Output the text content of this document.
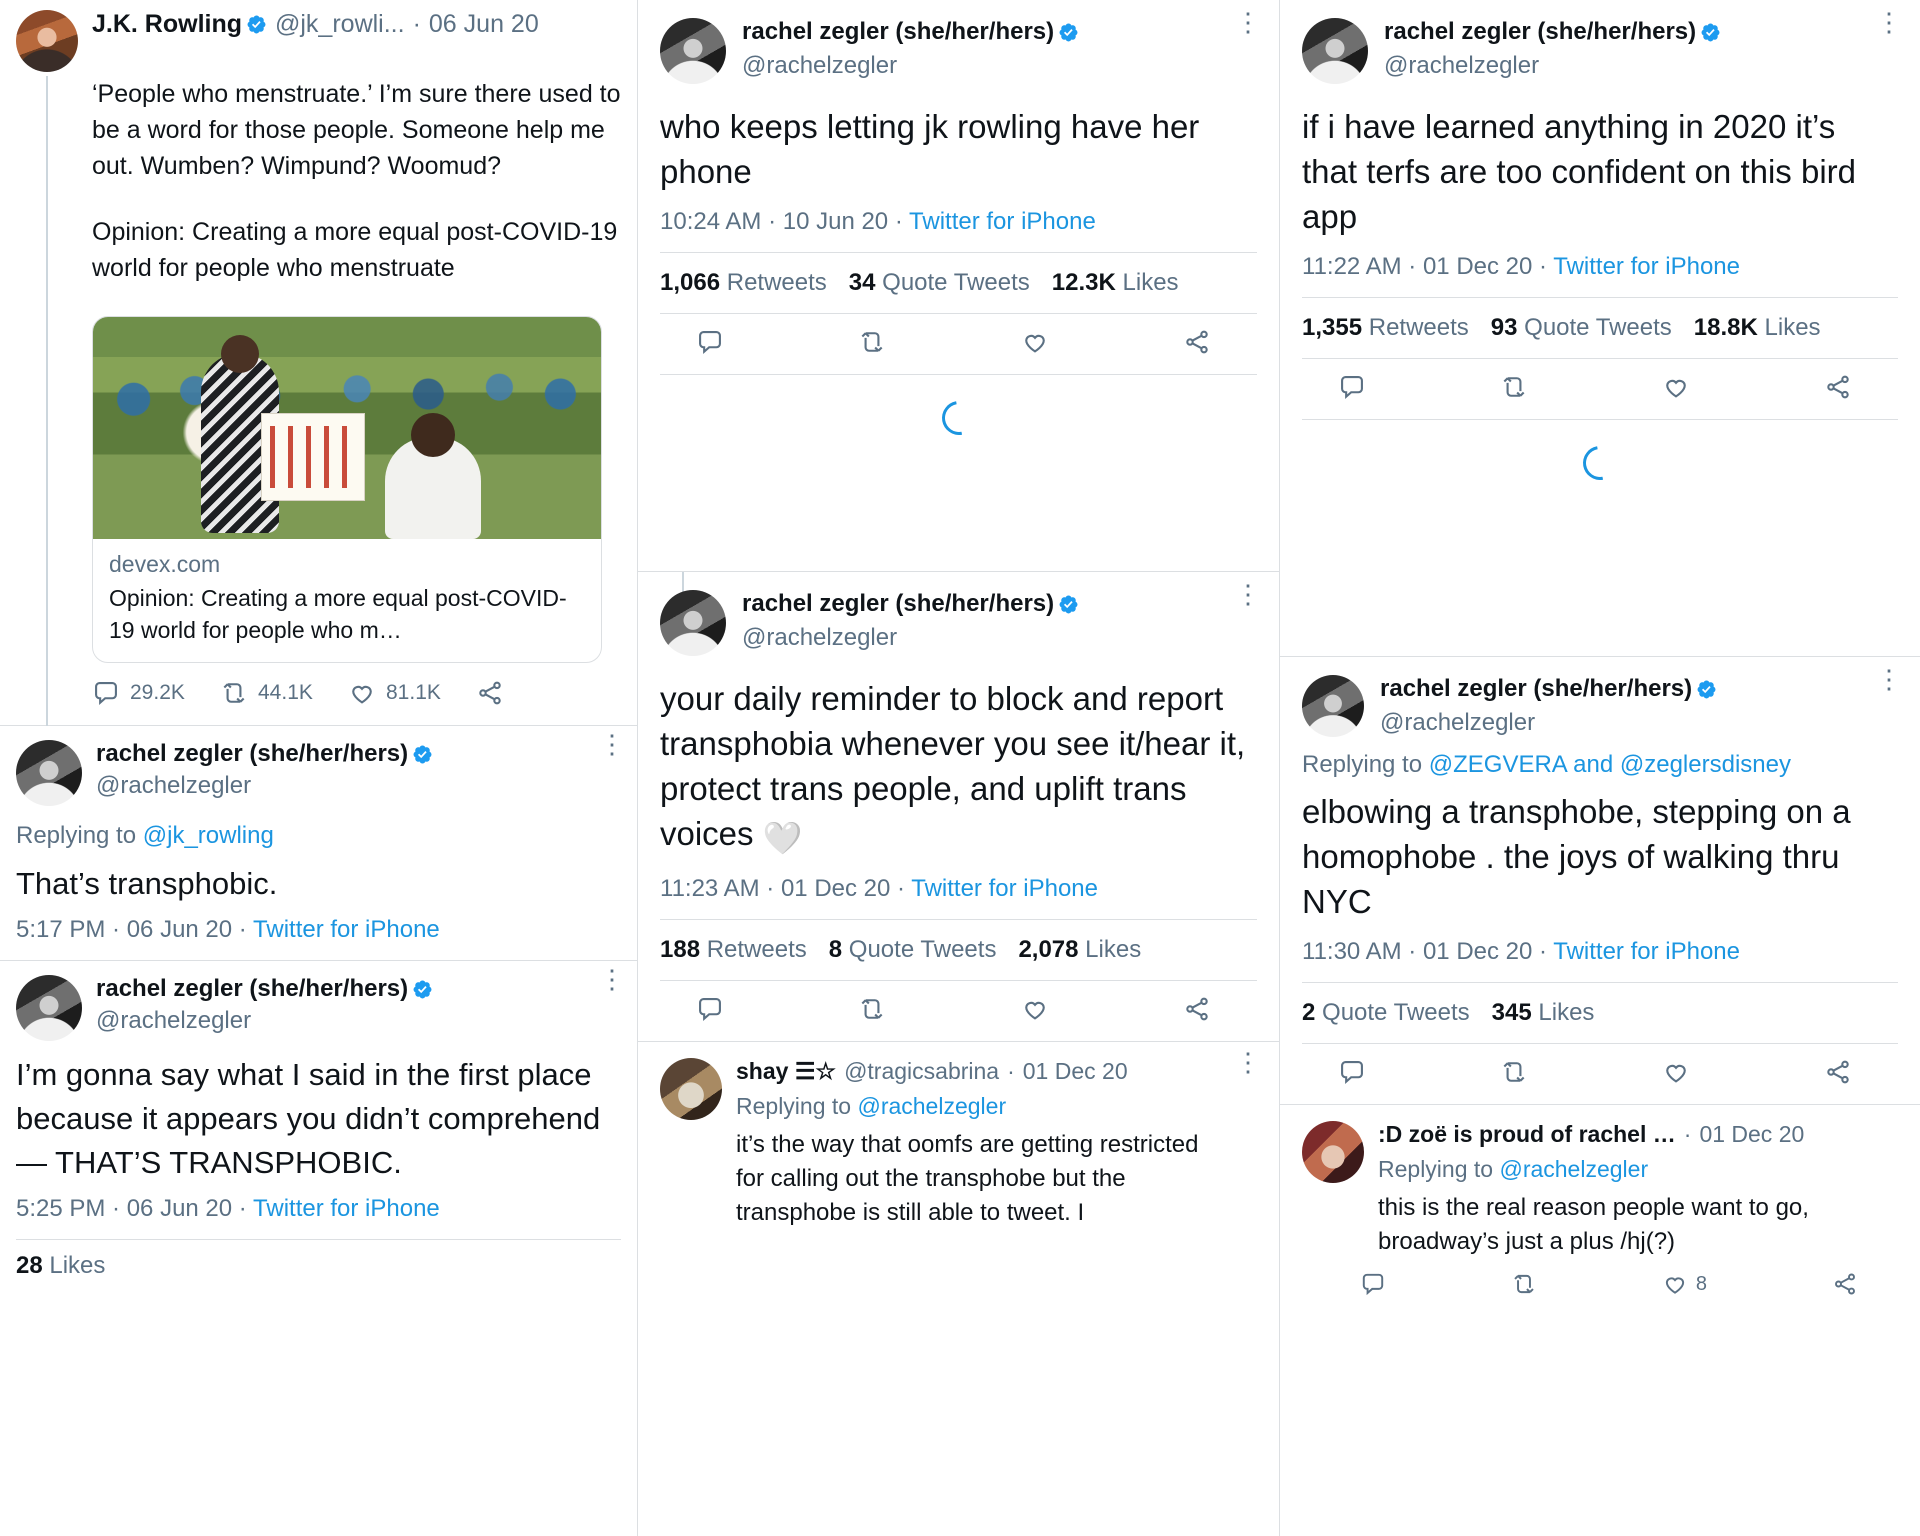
J.K. Rowling @jk_rowli... · 06 Jun 20

‘People who menstruate.’ I’m sure there used to be a word for those people. Someone help me out. Wumben? Wimpund? Woomud?

Opinion: Creating a more equal post-COVID-19 world for people who menstruate

devex.com
Opinion: Creating a more equal post-COVID-19 world for people who m…
29.2K	44.1K	81.1K
rachel zegler (she/her/hers)
@rachelzegler
⋮
Replying to @jk_rowling
That’s transphobic.
5:17 PM · 06 Jun 20 · Twitter for iPhone
rachel zegler (she/her/hers)
@rachelzegler
⋮
I’m gonna say what I said in the first place because it appears you didn’t comprehend— THAT’S TRANSPHOBIC.
5:25 PM · 06 Jun 20 · Twitter for iPhone
28 Likes
rachel zegler (she/her/hers)
@rachelzegler
⋮
who keeps letting jk rowling have her phone
10:24 AM · 10 Jun 20 · Twitter for iPhone
1,066 Retweets 34 Quote Tweets 12.3K Likes
rachel zegler (she/her/hers)
@rachelzegler
⋮
your daily reminder to block and report transphobia whenever you see it/hear it, protect trans people, and uplift trans voices 🤍
11:23 AM · 01 Dec 20 · Twitter for iPhone
188 Retweets 8 Quote Tweets 2,078 Likes
shay ☰☆ @tragicsabrina · 01 Dec 20
Replying to @rachelzegler
it’s the way that oomfs are getting restricted for calling out the transphobe but the transphobe is still able to tweet. I
⋮
rachel zegler (she/her/hers)
@rachelzegler
⋮
if i have learned anything in 2020 it’s that terfs are too confident on this bird app
11:22 AM · 01 Dec 20 · Twitter for iPhone
1,355 Retweets 93 Quote Tweets 18.8K Likes
rachel zegler (she/her/hers)
@rachelzegler
⋮
Replying to @ZEGVERA and @zeglersdisney
elbowing a transphobe, stepping on a homophobe . the joys of walking thru NYC
11:30 AM · 01 Dec 20 · Twitter for iPhone
2 Quote Tweets 345 Likes
:D zoë is proud of rachel … · 01 Dec 20
Replying to @rachelzegler
this is the real reason people want to go, broadway’s just a plus /hj(?)
8
